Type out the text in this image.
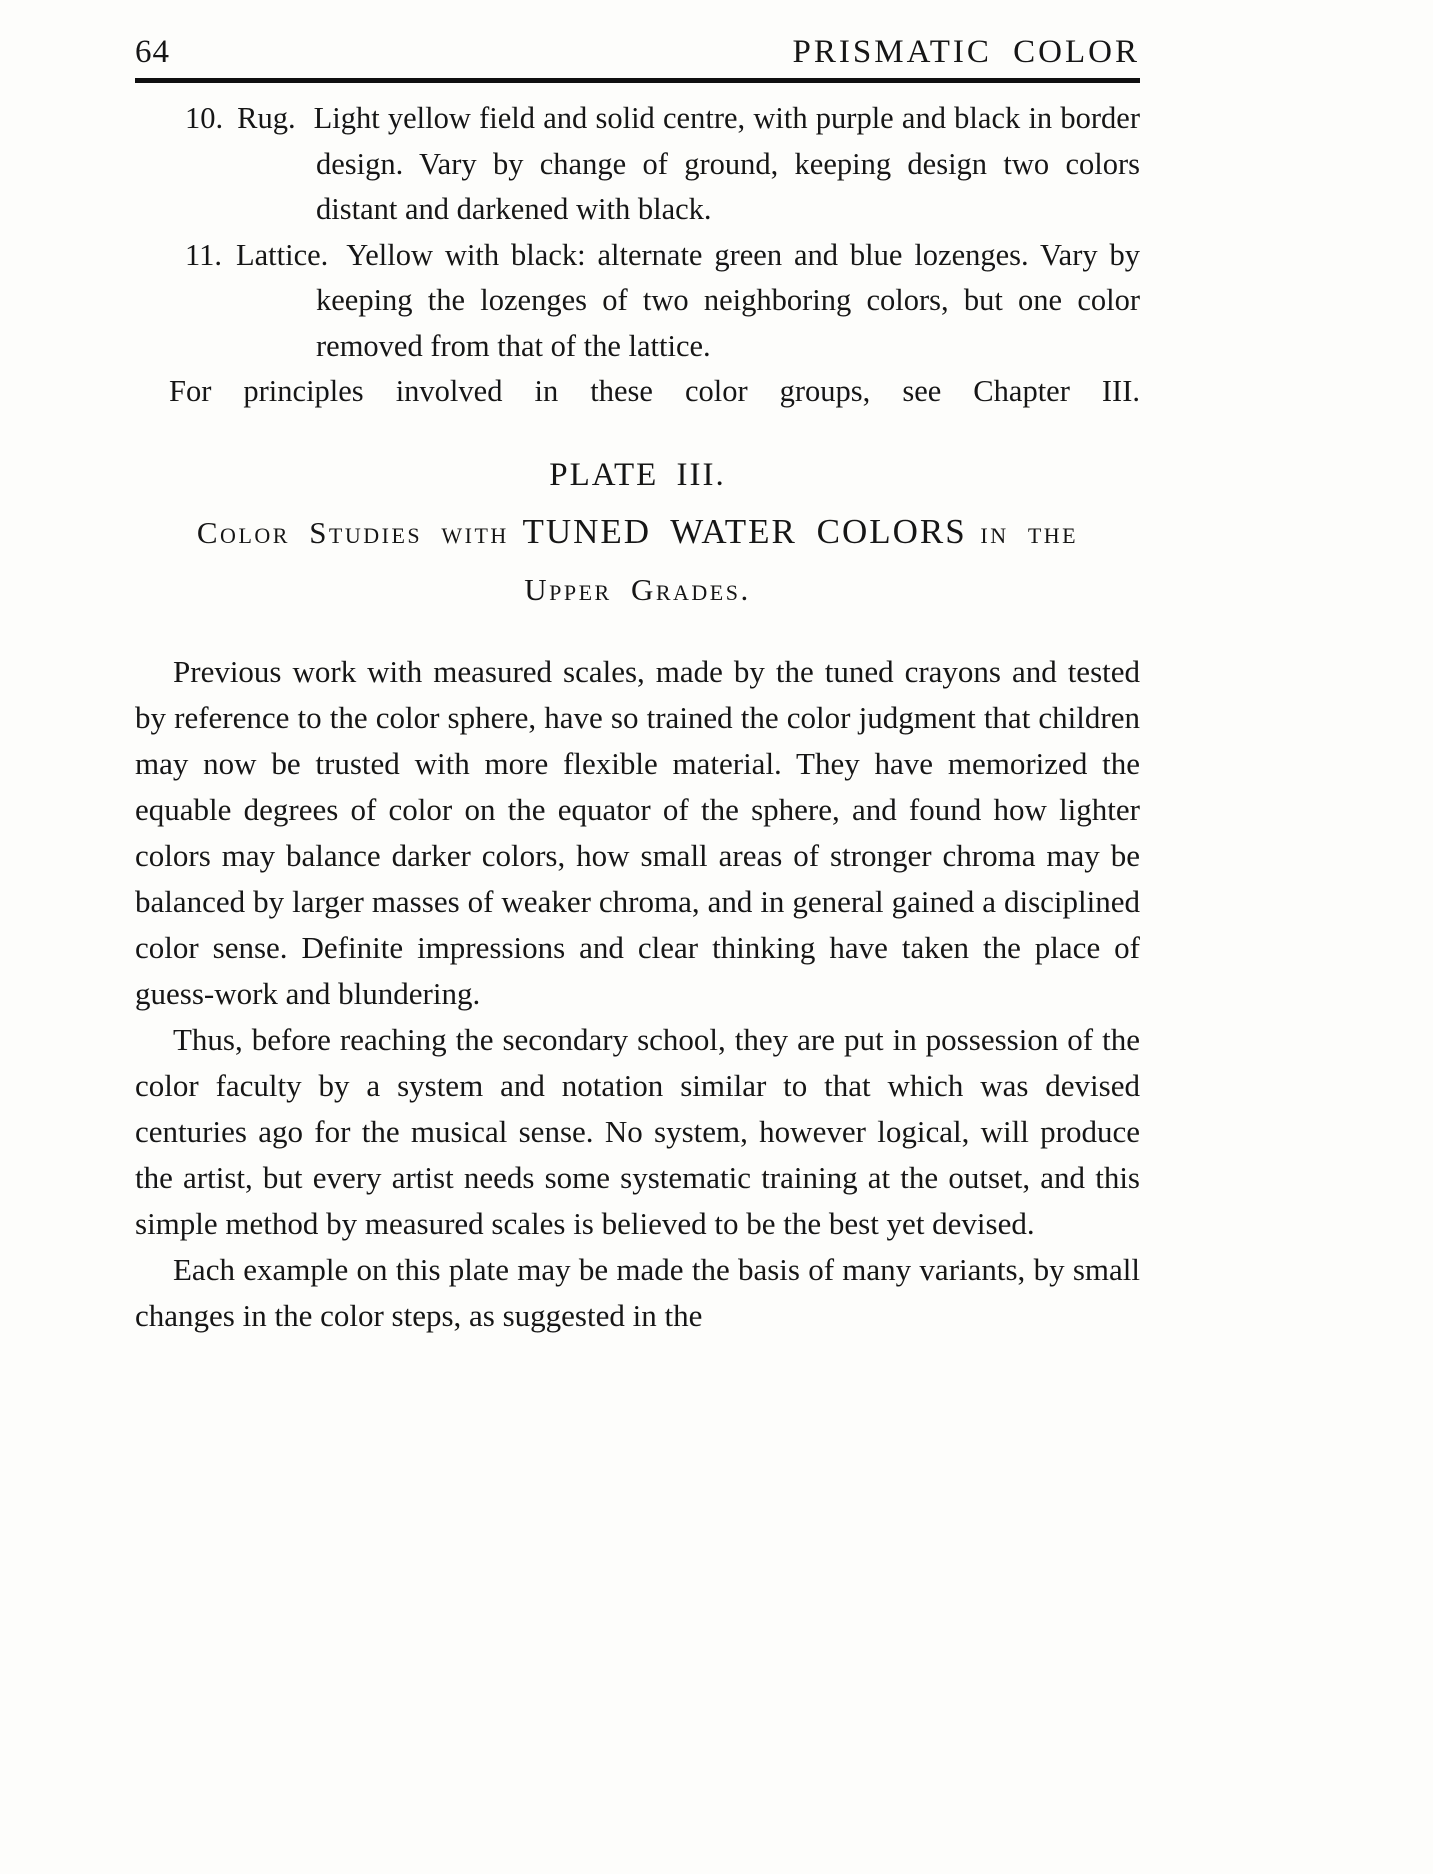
64	PRISMATIC COLOR

10. Rug. Light yellow field and solid centre, with purple and black in border design. Vary by change of ground, keeping design two colors distant and darkened with black.

11. Lattice. Yellow with black: alternate green and blue lozenges. Vary by keeping the lozenges of two neighboring colors, but one color removed from that of the lattice.

For principles involved in these color groups, see Chapter III.

PLATE III.
Color Studies with TUNED WATER COLORS in the
Upper Grades.

Previous work with measured scales, made by the tuned crayons and tested by reference to the color sphere, have so trained the color judgment that children may now be trusted with more flexible material. They have memorized the equable degrees of color on the equator of the sphere, and found how lighter colors may balance darker colors, how small areas of stronger chroma may be balanced by larger masses of weaker chroma, and in general gained a disciplined color sense. Definite impressions and clear thinking have taken the place of guess-work and blundering.

Thus, before reaching the secondary school, they are put in possession of the color faculty by a system and notation similar to that which was devised centuries ago for the musical sense. No system, however logical, will produce the artist, but every artist needs some systematic training at the outset, and this simple method by measured scales is believed to be the best yet devised.

Each example on this plate may be made the basis of many variants, by small changes in the color steps, as suggested in the
